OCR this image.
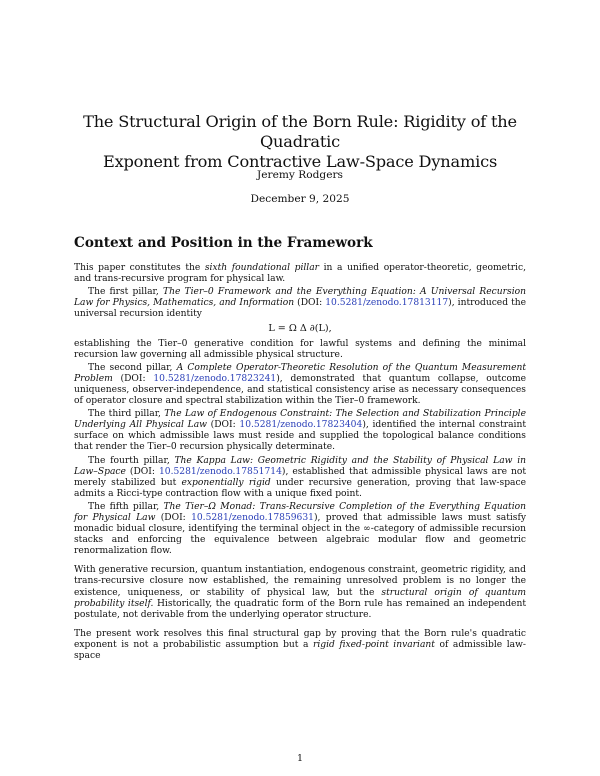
The Structural Origin of the Born Rule: Rigidity of the Quadratic
Exponent from Contractive Law-Space Dynamics
Jeremy Rodgers
December 9, 2025
Context and Position in the Framework

This paper constitutes the sixth foundational pillar in a unified operator-theoretic, geometric, and trans-recursive program for physical law.

The first pillar, The Tier–0 Framework and the Everything Equation: A Universal Recursion Law for Physics, Mathematics, and Information (DOI: 10.5281/zenodo.17813117), introduced the universal recursion identity

L = Ω Δ ∂(L),

establishing the Tier–0 generative condition for lawful systems and defining the minimal recursion law governing all admissible physical structure.

The second pillar, A Complete Operator-Theoretic Resolution of the Quantum Measurement Problem (DOI: 10.5281/zenodo.17823241), demonstrated that quantum collapse, outcome uniqueness, observer-independence, and statistical consistency arise as necessary consequences of operator closure and spectral stabilization within the Tier–0 framework.

The third pillar, The Law of Endogenous Constraint: The Selection and Stabilization Principle Underlying All Physical Law (DOI: 10.5281/zenodo.17823404), identified the internal constraint surface on which admissible laws must reside and supplied the topological balance conditions that render the Tier–0 recursion physically determinate.

The fourth pillar, The Kappa Law: Geometric Rigidity and the Stability of Physical Law in Law–Space (DOI: 10.5281/zenodo.17851714), established that admissible physical laws are not merely stabilized but exponentially rigid under recursive generation, proving that law-space admits a Ricci-type contraction flow with a unique fixed point.

The fifth pillar, The Tier–Ω Monad: Trans-Recursive Completion of the Everything Equation for Physical Law (DOI: 10.5281/zenodo.17859631), proved that admissible laws must satisfy monadic bidual closure, identifying the terminal object in the ∞-category of admissible recursion stacks and enforcing the equivalence between algebraic modular flow and geometric renormalization flow.

With generative recursion, quantum instantiation, endogenous constraint, geometric rigidity, and trans-recursive closure now established, the remaining unresolved problem is no longer the existence, uniqueness, or stability of physical law, but the structural origin of quantum probability itself. Historically, the quadratic form of the Born rule has remained an independent postulate, not derivable from the underlying operator structure.

The present work resolves this final structural gap by proving that the Born rule's quadratic exponent is not a probabilistic assumption but a rigid fixed-point invariant of admissible law-space

1
